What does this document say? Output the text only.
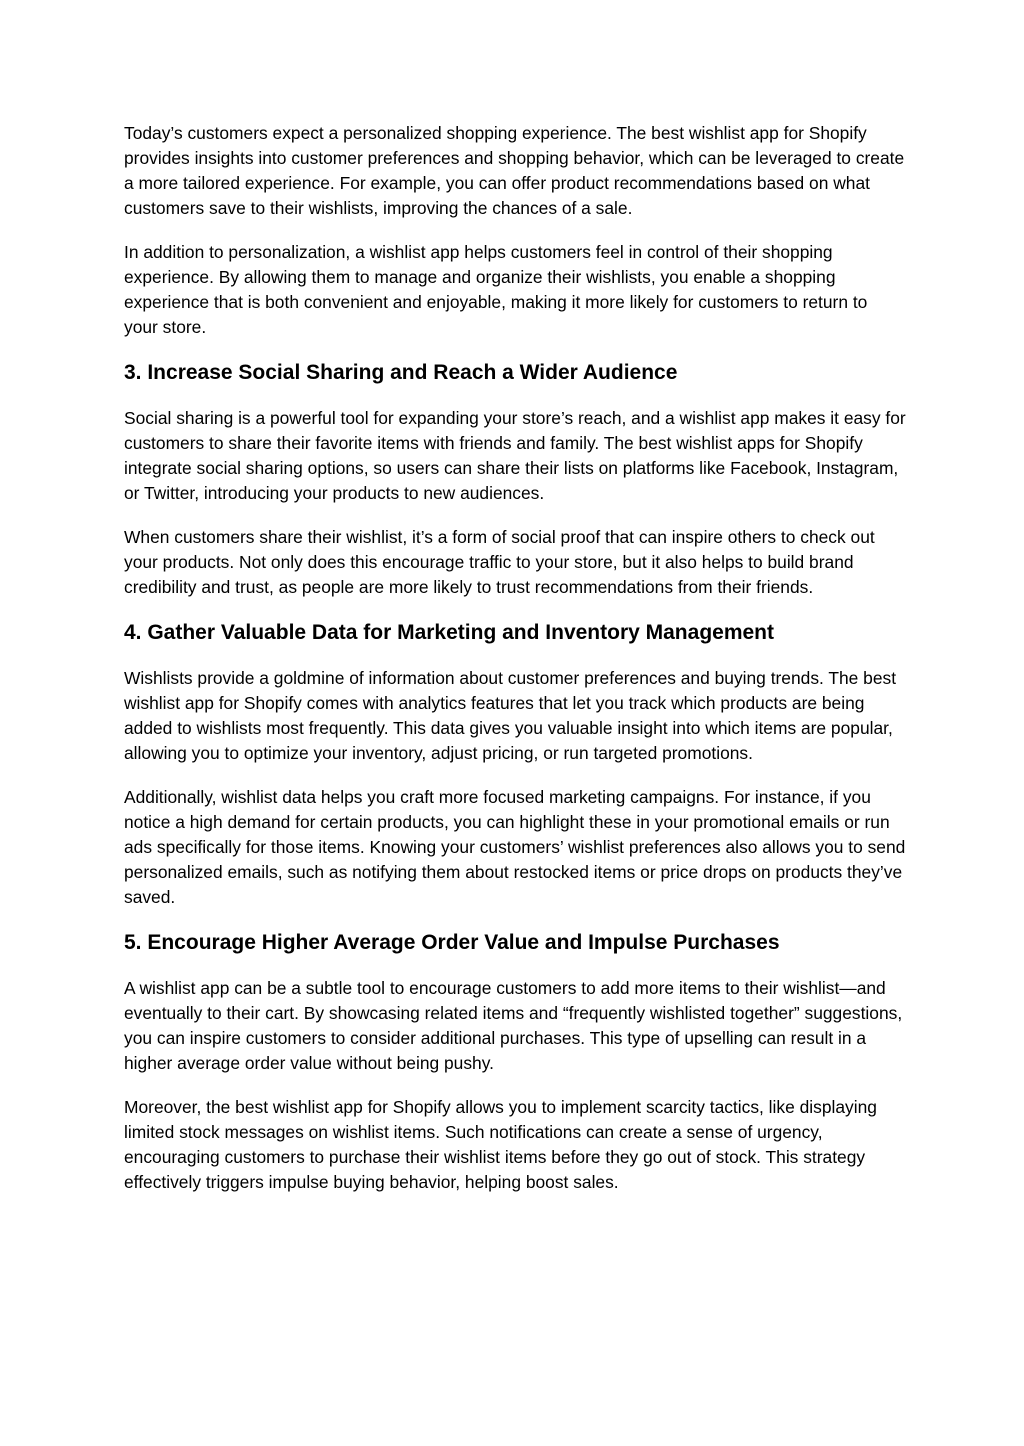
Today’s customers expect a personalized shopping experience. The best wishlist app for Shopify provides insights into customer preferences and shopping behavior, which can be leveraged to create a more tailored experience. For example, you can offer product recommendations based on what customers save to their wishlists, improving the chances of a sale.

In addition to personalization, a wishlist app helps customers feel in control of their shopping experience. By allowing them to manage and organize their wishlists, you enable a shopping experience that is both convenient and enjoyable, making it more likely for customers to return to your store.

3. Increase Social Sharing and Reach a Wider Audience

Social sharing is a powerful tool for expanding your store’s reach, and a wishlist app makes it easy for customers to share their favorite items with friends and family. The best wishlist apps for Shopify integrate social sharing options, so users can share their lists on platforms like Facebook, Instagram, or Twitter, introducing your products to new audiences.

When customers share their wishlist, it’s a form of social proof that can inspire others to check out your products. Not only does this encourage traffic to your store, but it also helps to build brand credibility and trust, as people are more likely to trust recommendations from their friends.

4. Gather Valuable Data for Marketing and Inventory Management

Wishlists provide a goldmine of information about customer preferences and buying trends. The best wishlist app for Shopify comes with analytics features that let you track which products are being added to wishlists most frequently. This data gives you valuable insight into which items are popular, allowing you to optimize your inventory, adjust pricing, or run targeted promotions.

Additionally, wishlist data helps you craft more focused marketing campaigns. For instance, if you notice a high demand for certain products, you can highlight these in your promotional emails or run ads specifically for those items. Knowing your customers’ wishlist preferences also allows you to send personalized emails, such as notifying them about restocked items or price drops on products they’ve saved.

5. Encourage Higher Average Order Value and Impulse Purchases

A wishlist app can be a subtle tool to encourage customers to add more items to their wishlist—and eventually to their cart. By showcasing related items and “frequently wishlisted together” suggestions, you can inspire customers to consider additional purchases. This type of upselling can result in a higher average order value without being pushy.

Moreover, the best wishlist app for Shopify allows you to implement scarcity tactics, like displaying limited stock messages on wishlist items. Such notifications can create a sense of urgency, encouraging customers to purchase their wishlist items before they go out of stock. This strategy effectively triggers impulse buying behavior, helping boost sales.
